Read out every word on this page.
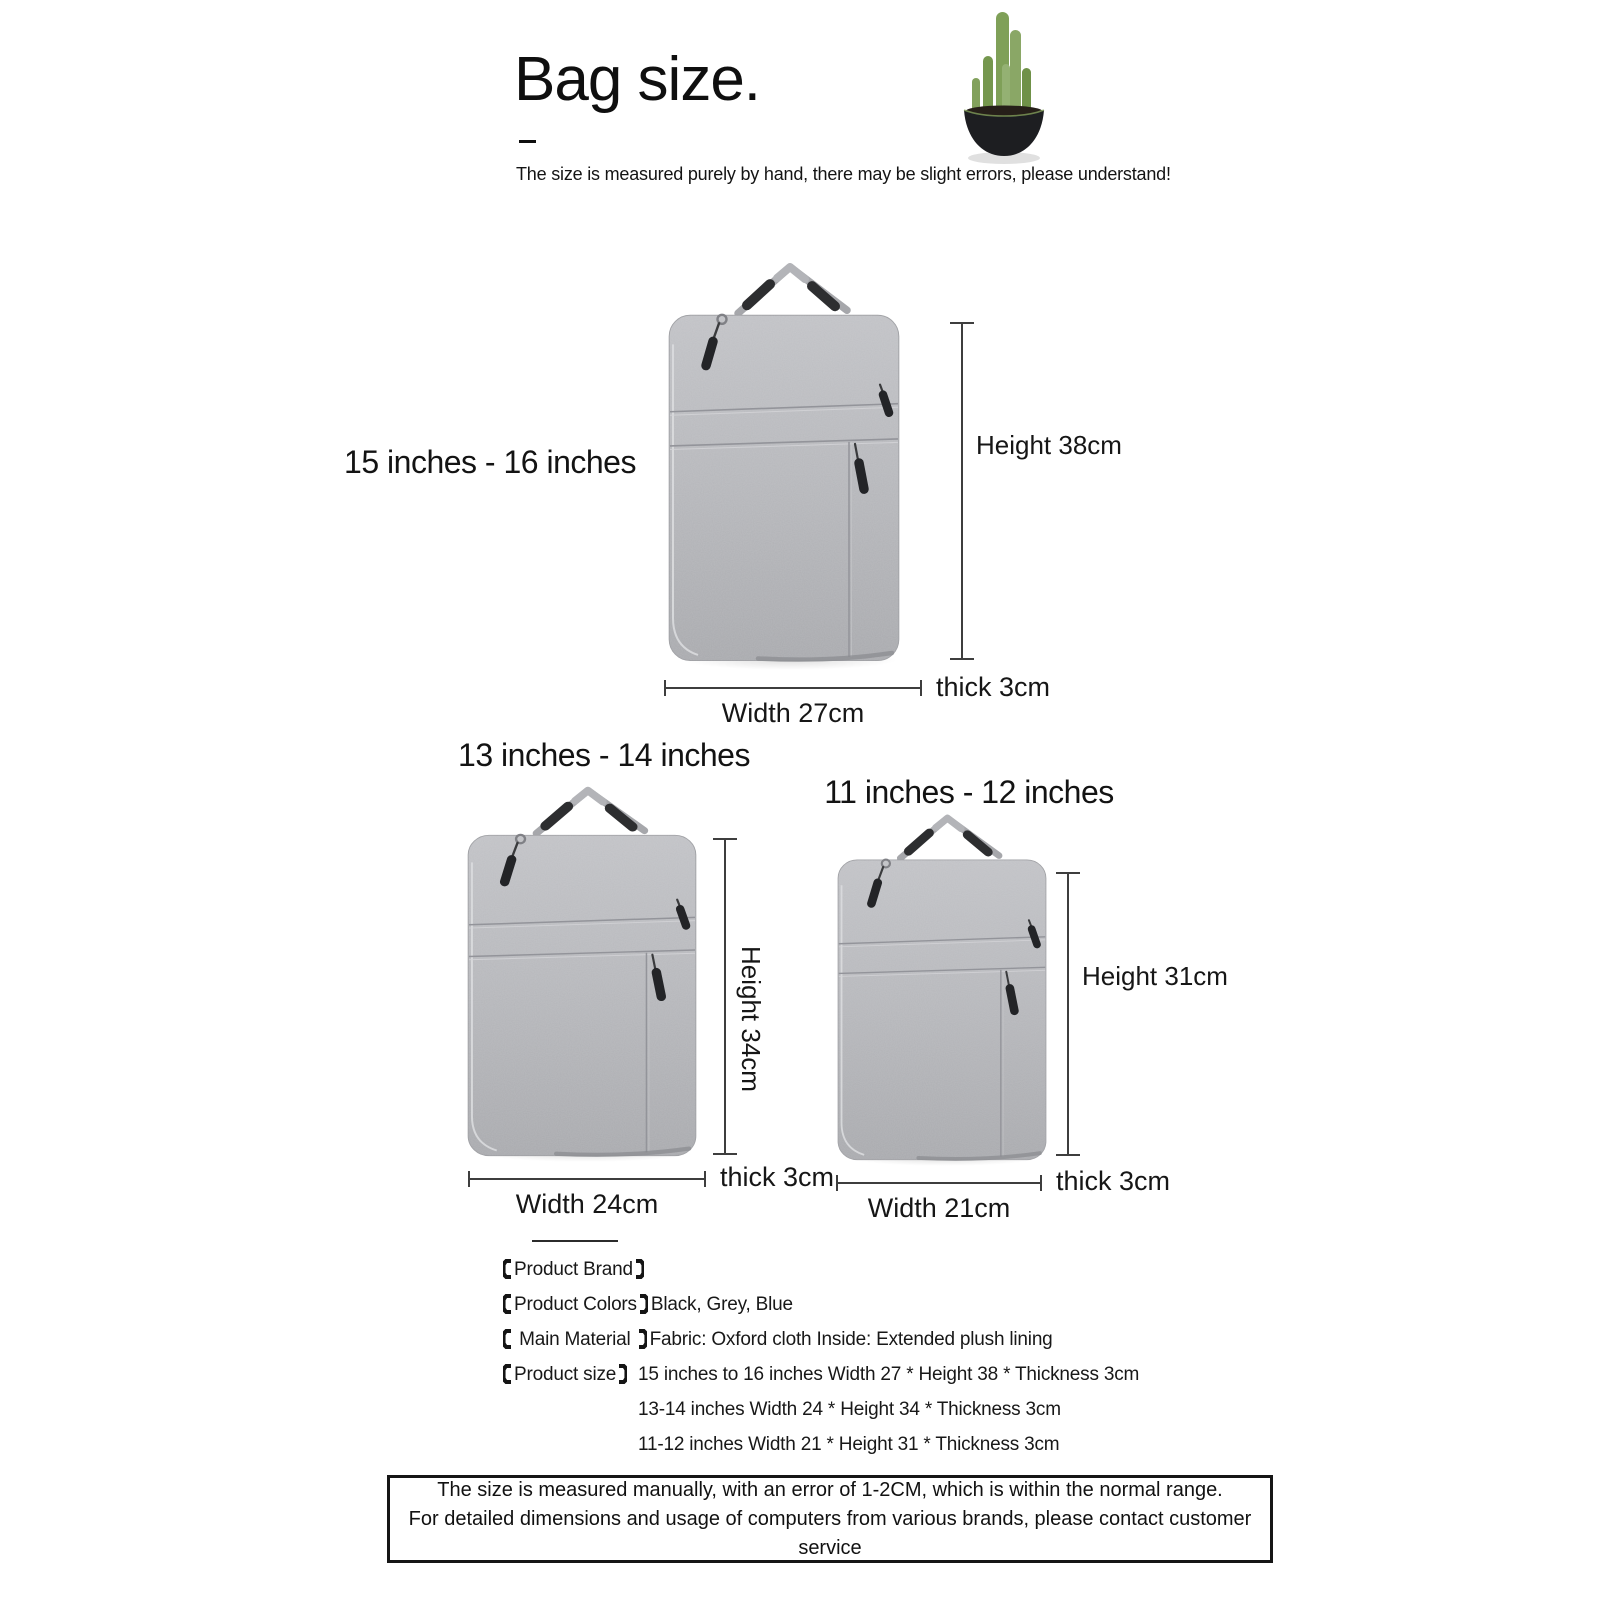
Bag size.
The size is measured purely by hand, there may be slight errors, please understand!
15 inches - 16 inches	Height 38cm
Width 27cm
thick 3cm
13 inches - 14 inches
Height 34cm
Width 24cm
thick 3cm
11 inches - 12 inches
Height 31cm
Width 21cm
thick 3cm
Product Brand
Product Colors Black, Grey, Blue
Main Material Fabric: Oxford cloth Inside: Extended plush lining
Product size 15 inches to 16 inches Width 27 * Height 38 * Thickness 3cm
13-14 inches Width 24 * Height 34 * Thickness 3cm
11-12 inches Width 21 * Height 31 * Thickness 3cm
The size is measured manually, with an error of 1-2CM, which is within the normal range.
For detailed dimensions and usage of computers from various brands, please contact customer service
